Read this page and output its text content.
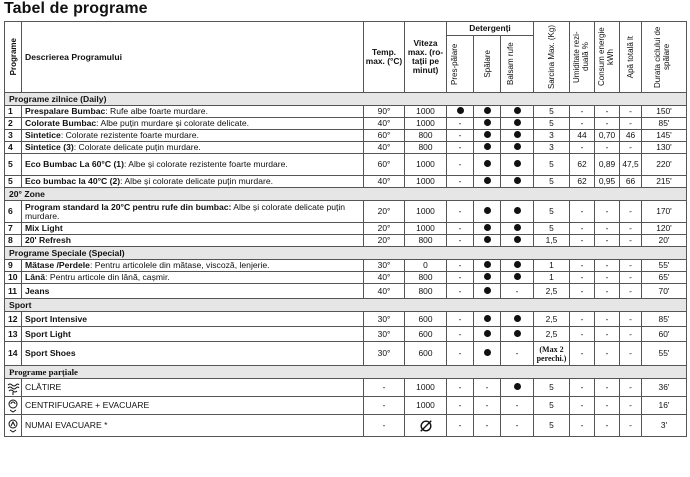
Tabel de programe
Programe	Descrierea Programului	Temp. max. (°C)	Viteza max. (ro-tații pe minut)	Detergenți			Sarcina Max. (Kg)	Umiditate rezi-duală %	Consum energie kWh	Apă totală lt	Durata ciclului de spălare

				Pres-pălare	Spălare	Balsam rufe					

Programe zilnice (Daily)											
1	Prespalare Bumbac: Rufe albe foarte murdare.	90°	1000				5	-	-	-	150'
2	Colorate Bumbac: Albe puțin murdare și colorate delicate.	40°	1000	-			5	-	-	-	85'
3	Sintetice: Colorate rezistente foarte murdare.	60°	800	-			3	44	0,70	46	145'
4	Sintetice (3): Colorate delicate puțin murdare.	40°	800	-			3	-	-	-	130'
5	Eco Bumbac La 60°C (1): Albe și colorate rezistente foarte murdare.	60°	1000	-			5	62	0,89	47,5	220'
5	Eco bumbac la 40°C (2): Albe și colorate delicate puțin murdare.	40°	1000	-			5	62	0,95	66	215'
20° Zone											
6	Program standard la 20°C pentru rufe din bumbac: Albe și colorate delicate puțin murdare.	20°	1000	-			5	-	-	-	170'
7	Mix Light	20°	1000	-			5	-	-	-	120'
8	20' Refresh	20°	800	-			1,5	-	-	-	20'
Programe Speciale (Special)											
9	Mătase /Perdele: Pentru articolele din mătase, viscoză, lenjerie.	30°	0	-			1	-	-	-	55'
10	Lână: Pentru articole din lână, cașmir.	40°	800	-			1	-	-	-	65'
11	Jeans	40°	800	-		-	2,5	-	-	-	70'
Sport											
12	Sport Intensive	30°	600	-			2,5	-	-	-	85'
13	Sport Light	30°	600	-			2,5	-	-	-	60'
14	Sport Shoes	30°	600	-		-	(Max 2 perechi.)	-	-	-	55'
Programe parțiale											

	CLĂTIRE	-	1000	-	-		5	-	-	-	36'

	CENTRIFUGARE + EVACUARE	-	1000	-	-	-	5	-	-	-	16'

	NUMAI EVACUARE *	-		-	-	-	5	-	-	-	3'
